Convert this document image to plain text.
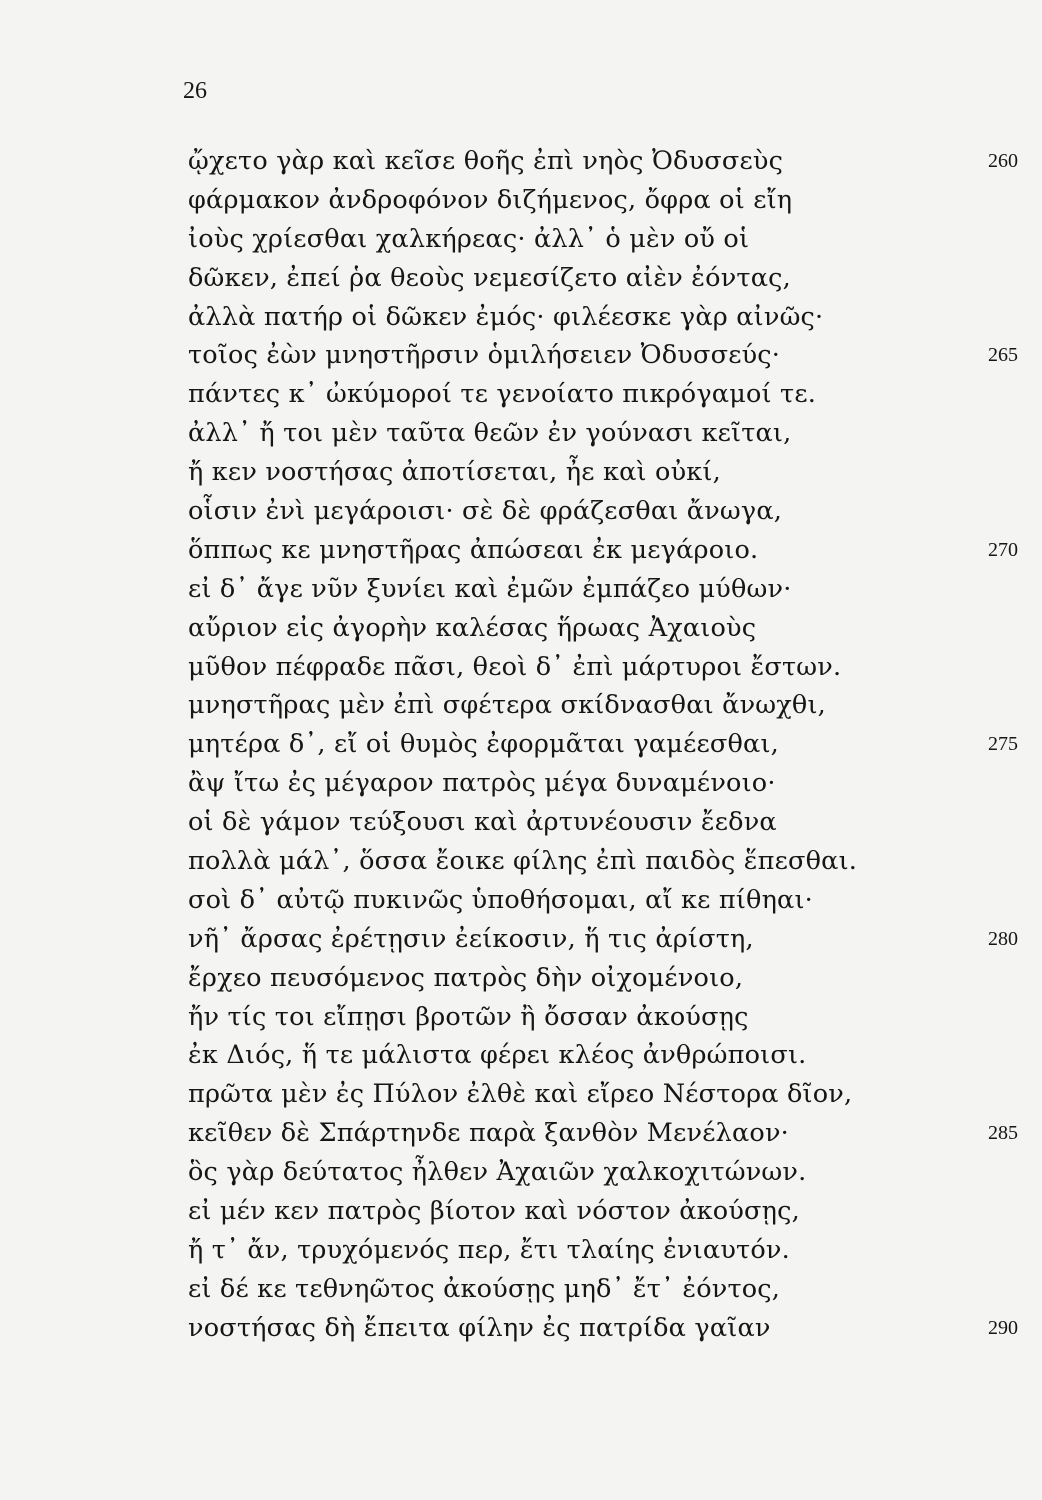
26
ᾤχετο γὰρ καὶ κεῖσε θοῆς ἐπὶ νηὸς Ὀδυσσεὺς	260
φάρμακον ἀνδροφόνον διζήμενος, ὄφρα οἱ εἴη
ἰοὺς χρίεσθαι χαλκήρεας· ἀλλ᾽ ὁ μὲν οὔ οἱ
δῶκεν, ἐπεί ῥα θεοὺς νεμεσίζετο αἰὲν ἐόντας,
ἀλλὰ πατήρ οἱ δῶκεν ἐμός· φιλέεσκε γὰρ αἰνῶς·
τοῖος ἐὼν μνηστῆρσιν ὁμιλήσειεν Ὀδυσσεύς·	265
πάντες κ᾽ ὠκύμοροί τε γενοίατο πικρόγαμοί τε.
ἀλλ᾽ ἤ τοι μὲν ταῦτα θεῶν ἐν γούνασι κεῖται,
ἤ κεν νοστήσας ἀποτίσεται, ἦε καὶ οὐκί,
οἷσιν ἐνὶ μεγάροισι· σὲ δὲ φράζεσθαι ἄνωγα,
ὅππως κε μνηστῆρας ἀπώσεαι ἐκ μεγάροιο.	270
εἰ δ᾽ ἄγε νῦν ξυνίει καὶ ἐμῶν ἐμπάζεο μύθων·
αὔριον εἰς ἀγορὴν καλέσας ἥρωας Ἀχαιοὺς
μῦθον πέφραδε πᾶσι, θεοὶ δ᾽ ἐπὶ μάρτυροι ἔστων.
μνηστῆρας μὲν ἐπὶ σφέτερα σκίδνασθαι ἄνωχθι,
μητέρα δ᾽, εἴ οἱ θυμὸς ἐφορμᾶται γαμέεσθαι,	275
ἂψ ἴτω ἐς μέγαρον πατρὸς μέγα δυναμένοιο·
οἱ δὲ γάμον τεύξουσι καὶ ἀρτυνέουσιν ἔεδνα
πολλὰ μάλ᾽, ὅσσα ἔοικε φίλης ἐπὶ παιδὸς ἕπεσθαι.
σοὶ δ᾽ αὐτῷ πυκινῶς ὑποθήσομαι, αἴ κε πίθηαι·
νῆ᾽ ἄρσας ἐρέτῃσιν ἐείκοσιν, ἥ τις ἀρίστη,	280
ἔρχεο πευσόμενος πατρὸς δὴν οἰχομένοιο,
ἤν τίς τοι εἴπῃσι βροτῶν ἢ ὄσσαν ἀκούσῃς
ἐκ Διός, ἥ τε μάλιστα φέρει κλέος ἀνθρώποισι.
πρῶτα μὲν ἐς Πύλον ἐλθὲ καὶ εἴρεο Νέστορα δῖον,
κεῖθεν δὲ Σπάρτηνδε παρὰ ξανθὸν Μενέλαον·	285
ὃς γὰρ δεύτατος ἦλθεν Ἀχαιῶν χαλκοχιτώνων.
εἰ μέν κεν πατρὸς βίοτον καὶ νόστον ἀκούσῃς,
ἤ τ᾽ ἄν, τρυχόμενός περ, ἔτι τλαίης ἐνιαυτόν.
εἰ δέ κε τεθνηῶτος ἀκούσῃς μηδ᾽ ἔτ᾽ ἐόντος,
νοστήσας δὴ ἔπειτα φίλην ἐς πατρίδα γαῖαν	290
